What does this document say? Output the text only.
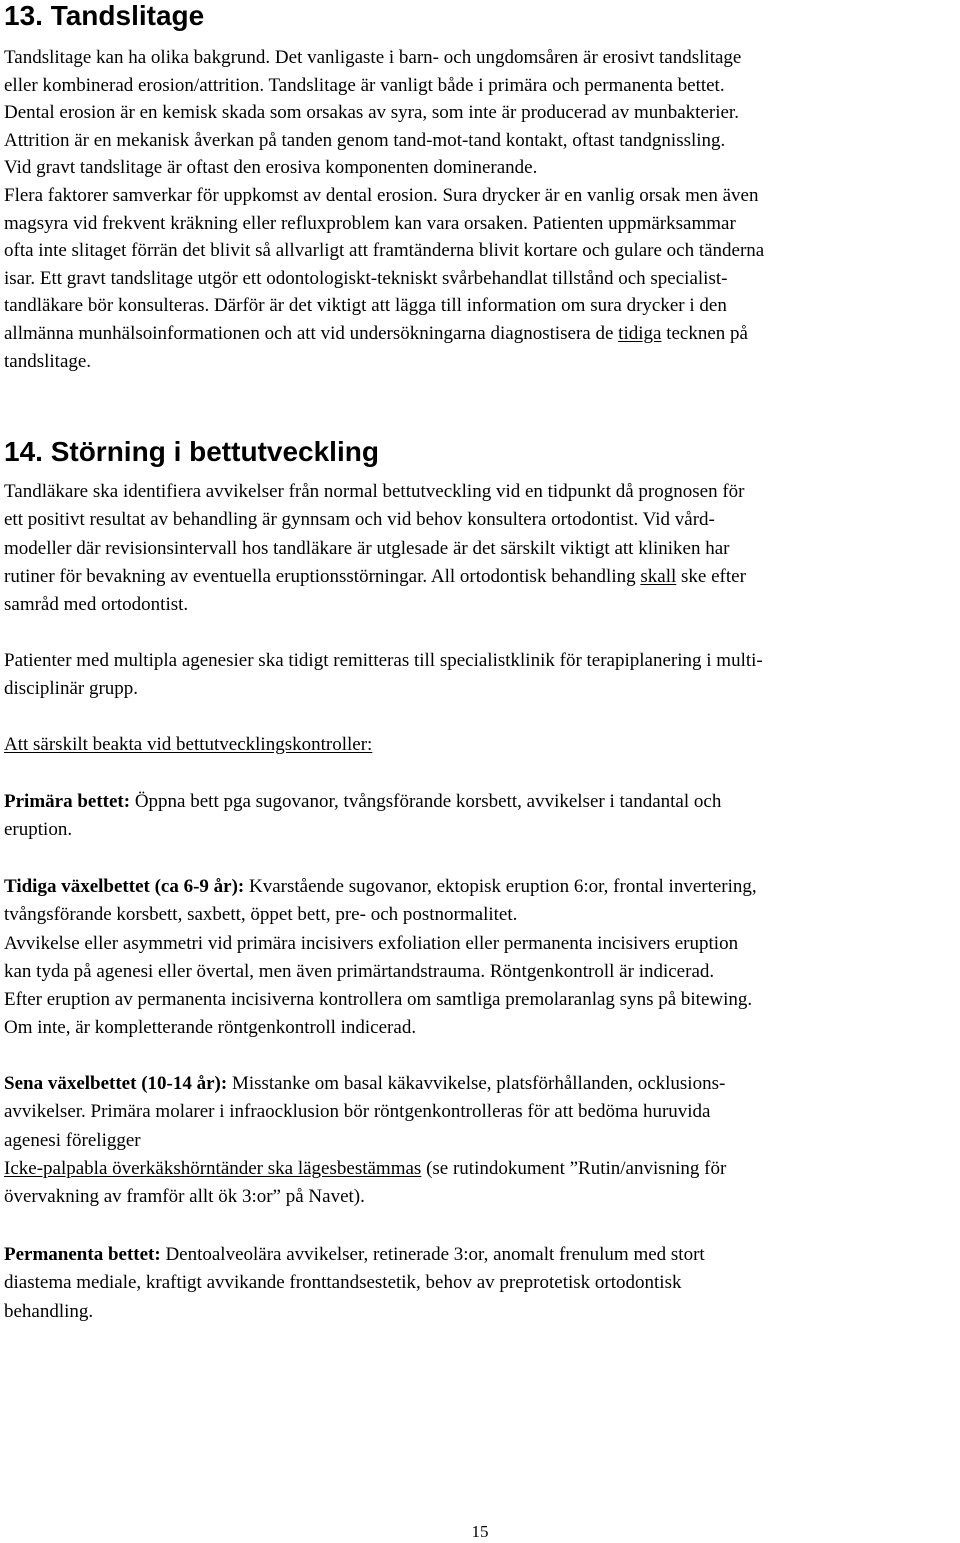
13. Tandslitage
Tandslitage kan ha olika bakgrund. Det vanligaste i barn- och ungdomsåren är erosivt tandslitage
eller kombinerad erosion/attrition. Tandslitage är vanligt både i primära och permanenta bettet.
Dental erosion är en kemisk skada som orsakas av syra, som inte är producerad av munbakterier.
Attrition är en mekanisk åverkan på tanden genom tand-mot-tand kontakt, oftast tandgnissling.
Vid gravt tandslitage är oftast den erosiva komponenten dominerande.
Flera faktorer samverkar för uppkomst av dental erosion. Sura drycker är en vanlig orsak men även
magsyra vid frekvent kräkning eller refluxproblem kan vara orsaken. Patienten uppmärksammar
ofta inte slitaget förrän det blivit så allvarligt att framtänderna blivit kortare och gulare och tänderna
isar. Ett gravt tandslitage utgör ett odontologiskt-tekniskt svårbehandlat tillstånd och specialist-
tandläkare bör konsulteras. Därför är det viktigt att lägga till information om sura drycker i den
allmänna munhälsoinformationen och att vid undersökningarna diagnostisera de tidiga tecknen på
tandslitage.
14. Störning i bettutveckling
Tandläkare ska identifiera avvikelser från normal bettutveckling vid en tidpunkt då prognosen för
ett positivt resultat av behandling är gynnsam och vid behov konsultera ortodontist. Vid vård-
modeller där revisionsintervall hos tandläkare är utglesade är det särskilt viktigt att kliniken har
rutiner för bevakning av eventuella eruptionsstörningar. All ortodontisk behandling skall ske efter
samråd med ortodontist.
Patienter med multipla agenesier ska tidigt remitteras till specialistklinik för terapiplanering i multi-
disciplinär grupp.
Att särskilt beakta vid bettutvecklingskontroller:
Primära bettet: Öppna bett pga sugovanor, tvångsförande korsbett, avvikelser i tandantal och
eruption.
Tidiga växelbettet (ca 6-9 år): Kvarstående sugovanor, ektopisk eruption 6:or, frontal invertering,
tvångsförande korsbett, saxbett, öppet bett, pre- och postnormalitet.
Avvikelse eller asymmetri vid primära incisivers exfoliation eller permanenta incisivers eruption
kan tyda på agenesi eller övertal, men även primärtandstrauma. Röntgenkontroll är indicerad.
Efter eruption av permanenta incisiverna kontrollera om samtliga premolaranlag syns på bitewing.
Om inte, är kompletterande röntgenkontroll indicerad.
Sena växelbettet (10-14 år): Misstanke om basal käkavvikelse, platsförhållanden, ocklusions-
avvikelser. Primära molarer i infraocklusion bör röntgenkontrolleras för att bedöma huruvida
agenesi föreligger
Icke-palpabla överkäkshörntänder ska lägesbestämmas (se rutindokument ”Rutin/anvisning för
övervakning av framför allt ök 3:or” på Navet).
Permanenta bettet: Dentoalveolära avvikelser, retinerade 3:or, anomalt frenulum med stort
diastema mediale, kraftigt avvikande fronttandsestetik, behov av preprotetisk ortodontisk
behandling.
15
